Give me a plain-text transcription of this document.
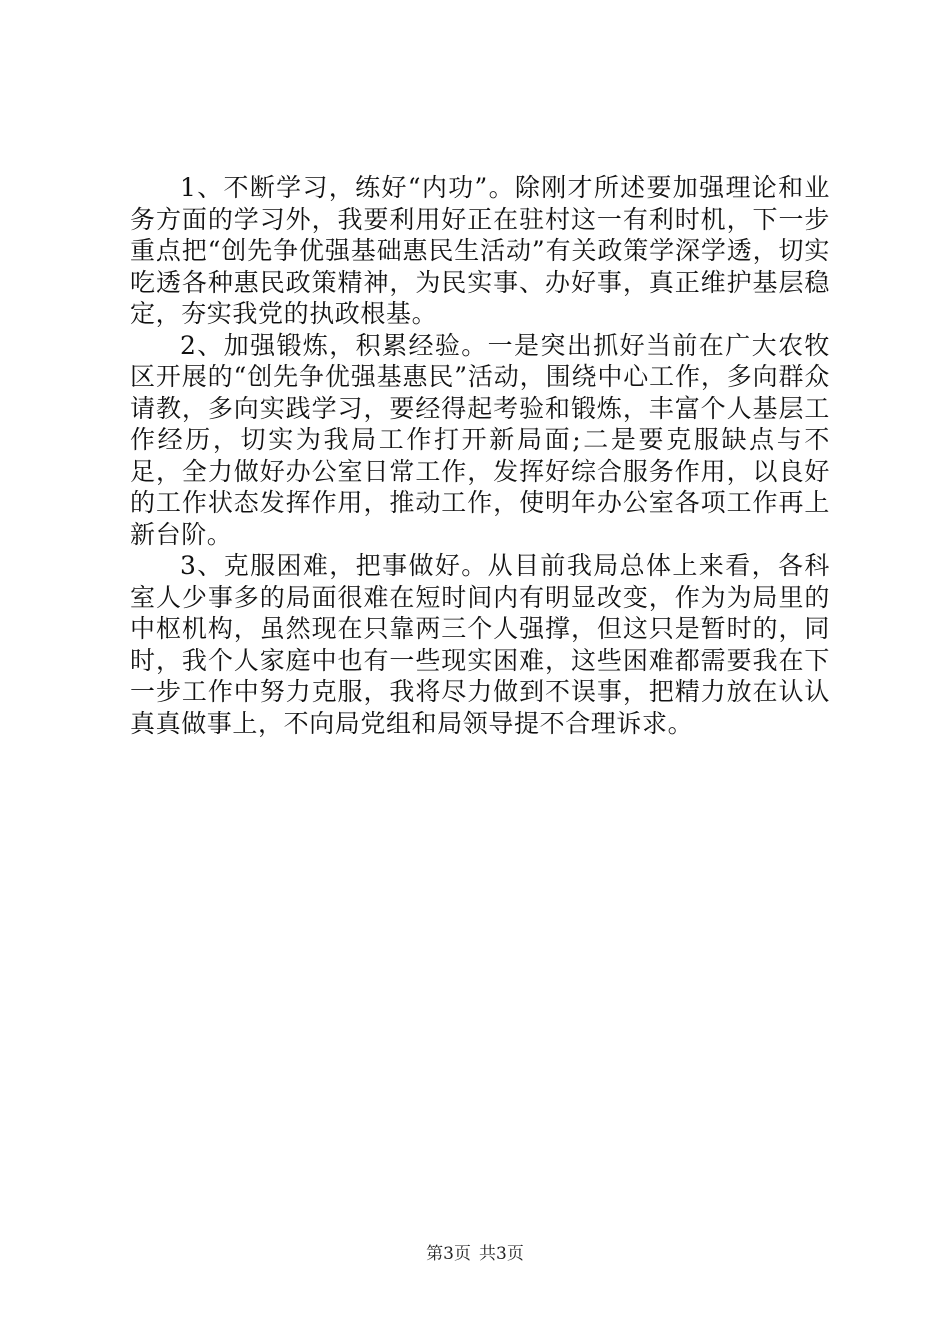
1、不断学习，练好“内功”。除刚才所述要加强理论和业务方面的学习外，我要利用好正在驻村这一有利时机，下一步重点把“创先争优强基础惠民生活动”有关政策学深学透，切实吃透各种惠民政策精神，为民实事、办好事，真正维护基层稳定，夯实我党的执政根基。

2、加强锻炼，积累经验。一是突出抓好当前在广大农牧区开展的“创先争优强基惠民”活动，围绕中心工作，多向群众请教，多向实践学习，要经得起考验和锻炼，丰富个人基层工作经历，切实为我局工作打开新局面;二是要克服缺点与不足，全力做好办公室日常工作，发挥好综合服务作用，以良好的工作状态发挥作用，推动工作，使明年办公室各项工作再上新台阶。

3、克服困难，把事做好。从目前我局总体上来看，各科室人少事多的局面很难在短时间内有明显改变，作为为局里的中枢机构，虽然现在只靠两三个人强撑，但这只是暂时的，同时，我个人家庭中也有一些现实困难，这些困难都需要我在下一步工作中努力克服，我将尽力做到不误事，把精力放在认认真真做事上，不向局党组和局领导提不合理诉求。

第3页 共3页
